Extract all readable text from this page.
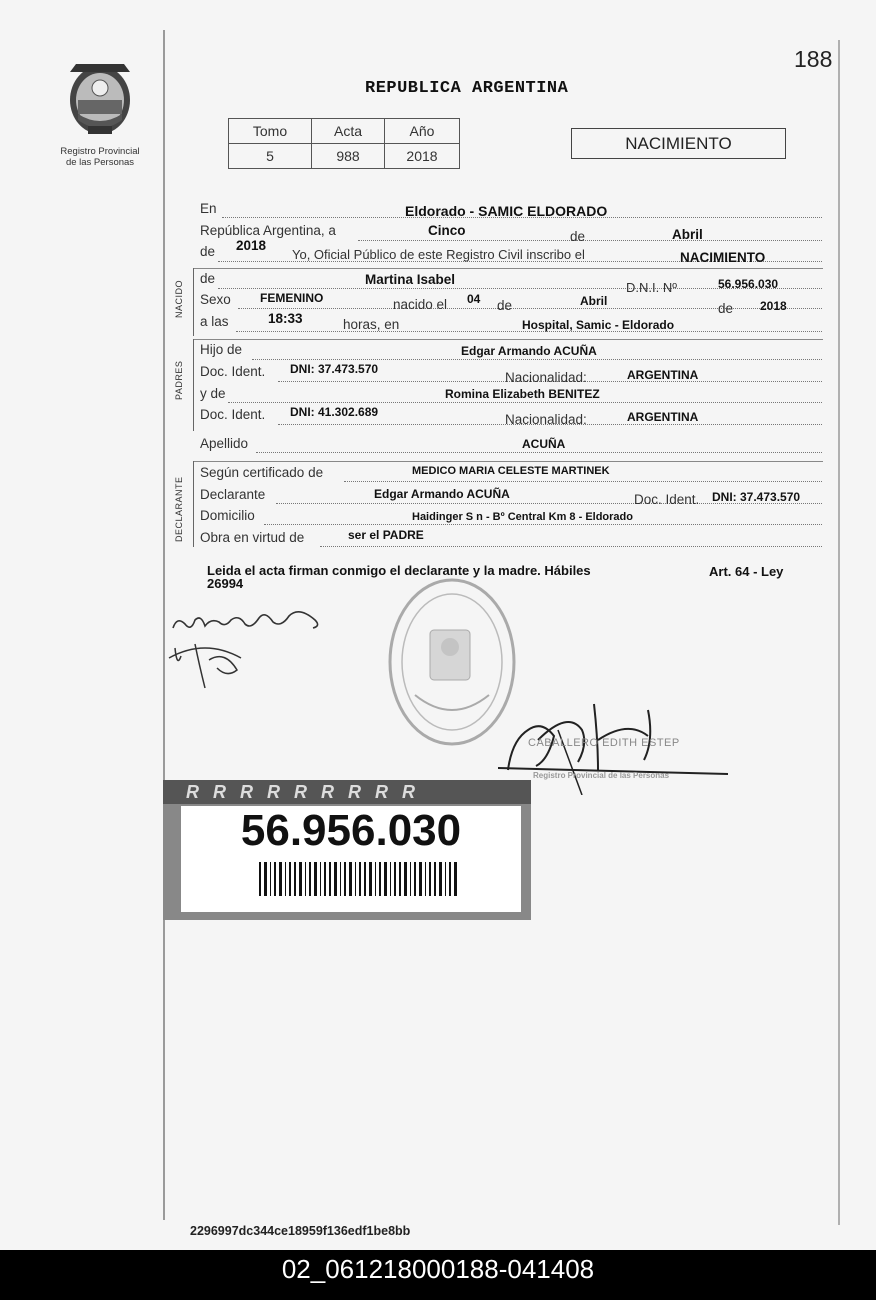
188
Registro Provincial
de las Personas
REPUBLICA ARGENTINA
Tomo	Acta	Año
5	988	2018
NACIMIENTO
En	Eldorado - SAMIC ELDORADO
República Argentina, a	Cinco	de	Abril
de 2018
Yo, Oficial Público de este Registro Civil inscribo el	NACIMIENTO
NACIDO
de	Martina Isabel
D.N.I. Nº	56.956.030
Sexo FEMENINO	nacido el 04 de	Abril	de 2018
a las	18:33	horas, en	Hospital, Samic - Eldorado
PADRES
Hijo de	Edgar Armando ACUÑA
Doc. Ident. DNI: 37.473.570
Nacionalidad:	ARGENTINA
y de	Romina Elizabeth BENITEZ
Doc. Ident. DNI: 41.302.689	Nacionalidad:	ARGENTINA
Apellido	ACUÑA
DECLARANTE
Según certificado de	MEDICO MARIA CELESTE MARTINEK
Declarante	Edgar Armando ACUÑA	Doc. Ident. DNI: 37.473.570
Domicilio	Haidinger S n - Bº Central Km 8 - Eldorado
Obra en virtud de	ser el PADRE
Leida el acta firman conmigo el declarante y la madre. Hábiles	Art. 64 - Ley
26994
CABALLERO EDITH ESTEP
Registro Provincial de las Personas
RRRRRRRRR
56.956.030
2296997dc344ce18959f136edf1be8bb
02_061218000188-041408
